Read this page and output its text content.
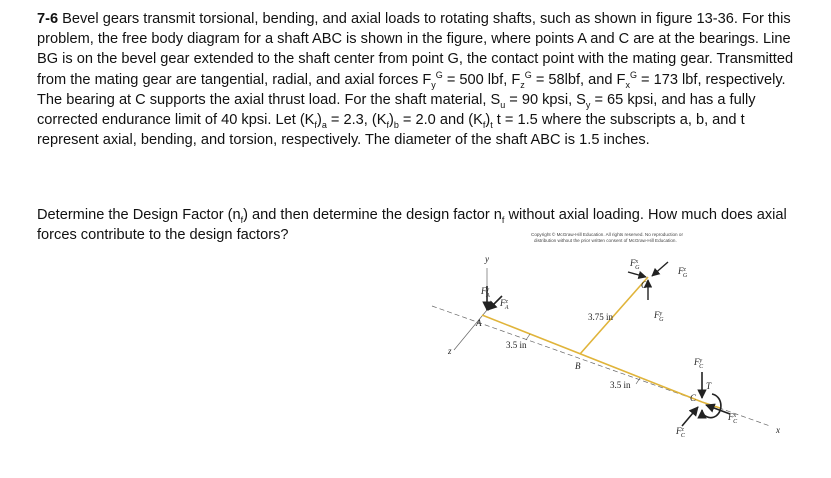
7-6 Bevel gears transmit torsional, bending, and axial loads to rotating shafts, such as shown in figure 13-36. For this problem, the free body diagram for a shaft ABC is shown in the figure, where points A and C are at the bearings. Line BG is on the bevel gear extended to the shaft center from point G, the contact point with the mating gear. Transmitted from the mating gear are tangential, radial, and axial forces $F_y^G = 500$ lbf, $F_z^G = 58lbf$, and $F_x^G = 173$ lbf, respectively. The bearing at C supports the axial thrust load. For the shaft material, $S_u = 90$ kpsi, $S_y = 65$ kpsi, and has a fully corrected endurance limit of 40 kpsi. Let $(K_f)_a = 2.3$, $(K_f)_b = 2.0$ and $(K_f)_t$ t = 1.5 where the subscripts a, b, and t represent axial, bending, and torsion, respectively. The diameter of the shaft ABC is 1.5 inches.

Determine the Design Factor $(n_f)$ and then determine the design factor $n_f$ without axial loading. How much does axial forces contribute to the design factors?	Copyright © McGraw-Hill Education. All rights reserved. No reproduction or
distribution without the prior written consent of McGraw-Hill Education.
y
z
x
A
B
C
G
3.5 in
3.5 in
3.75 in
$F^y$ A
$F^z$ A
$F^x$ G	$F^z$ G
$F^y$ G
$F^y$ C
$F^x$ C
$F^z$ C
T
